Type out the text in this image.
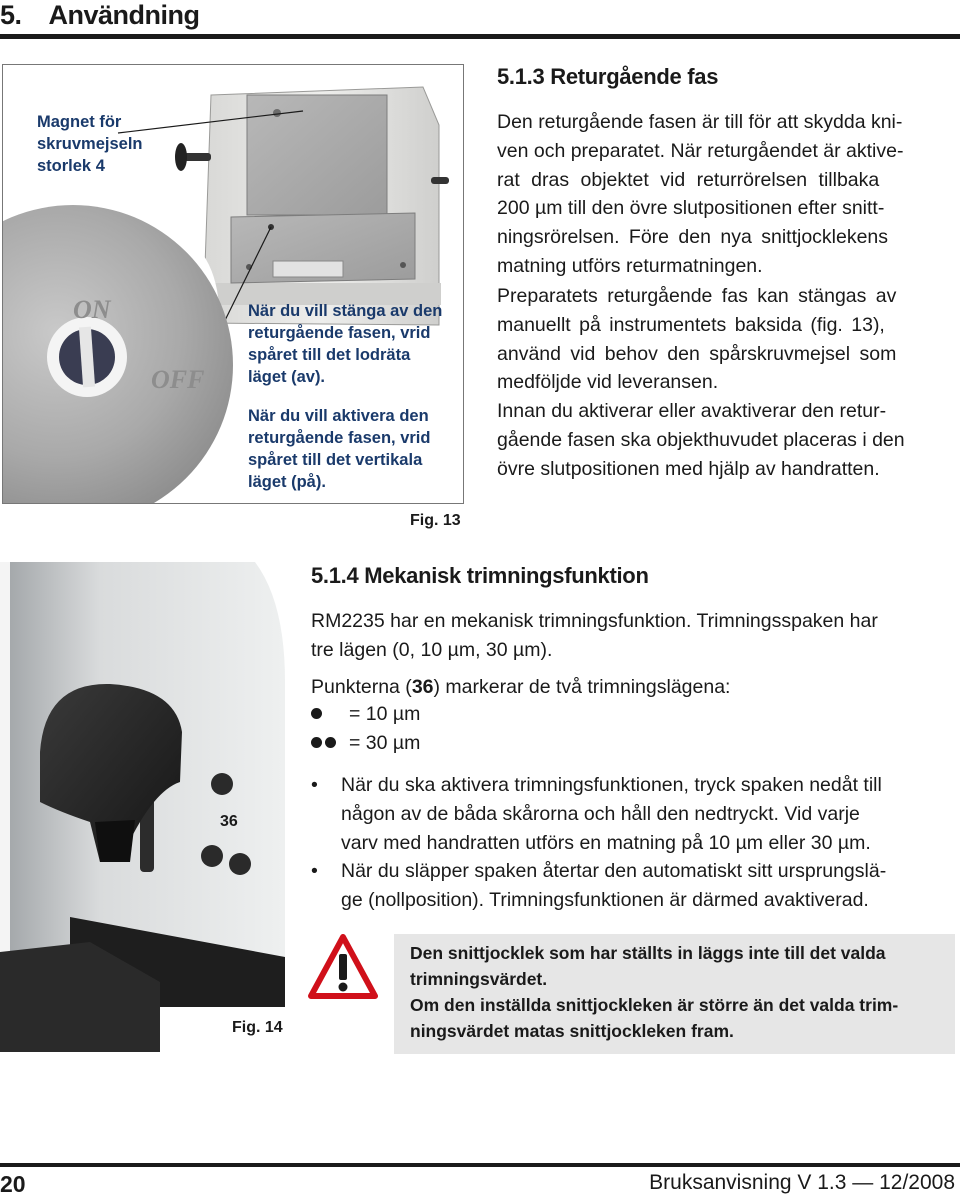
5.    Användning
ON
OFF
Magnet för
skruvmejseln
storlek 4
När du vill stänga av den
returgående fasen, vrid
spåret till det lodräta
läget (av).
När du vill aktivera den
returgående fasen, vrid
spåret till det vertikala
läget (på).
Fig. 13
5.1.3 Returgående fas
Den returgående fasen är till för att skydda kni-
ven och preparatet. När returgåendet är aktive-
rat dras objektet vid returrörelsen tillbaka
200 µm till den övre slutpositionen efter snitt-
ningsrörelsen. Före den nya snittjocklekens
matning utförs returmatningen.
Preparatets returgående fas kan stängas av
manuellt på instrumentets baksida (fig. 13),
använd vid behov den spårskruvmejsel som
medföljde vid leveransen.
Innan du aktiverar eller avaktiverar den retur-
gående fasen ska objekthuvudet placeras i den
övre slutpositionen med hjälp av handratten.
36
Fig. 14
5.1.4 Mekanisk trimningsfunktion
RM2235 har en mekanisk trimningsfunktion. Trimningsspaken har
tre lägen (0, 10 µm, 30 µm).
Punkterna (36) markerar de två trimningslägena:
= 10 µm
= 30 µm
• När du ska aktivera trimningsfunktionen, tryck spaken nedåt till
någon av de båda skårorna och håll den nedtryckt. Vid varje
varv med handratten utförs en matning på 10 µm eller 30 µm.
• När du släpper spaken återtar den automatiskt sitt ursprungslä-
ge (nollposition). Trimningsfunktionen är därmed avaktiverad.
Den snittjocklek som har ställts in läggs inte till det valda
trimningsvärdet.
Om den inställda snittjockleken är större än det valda trim-
ningsvärdet matas snittjockleken fram.
20	Bruksanvisning V 1.3 — 12/2008
